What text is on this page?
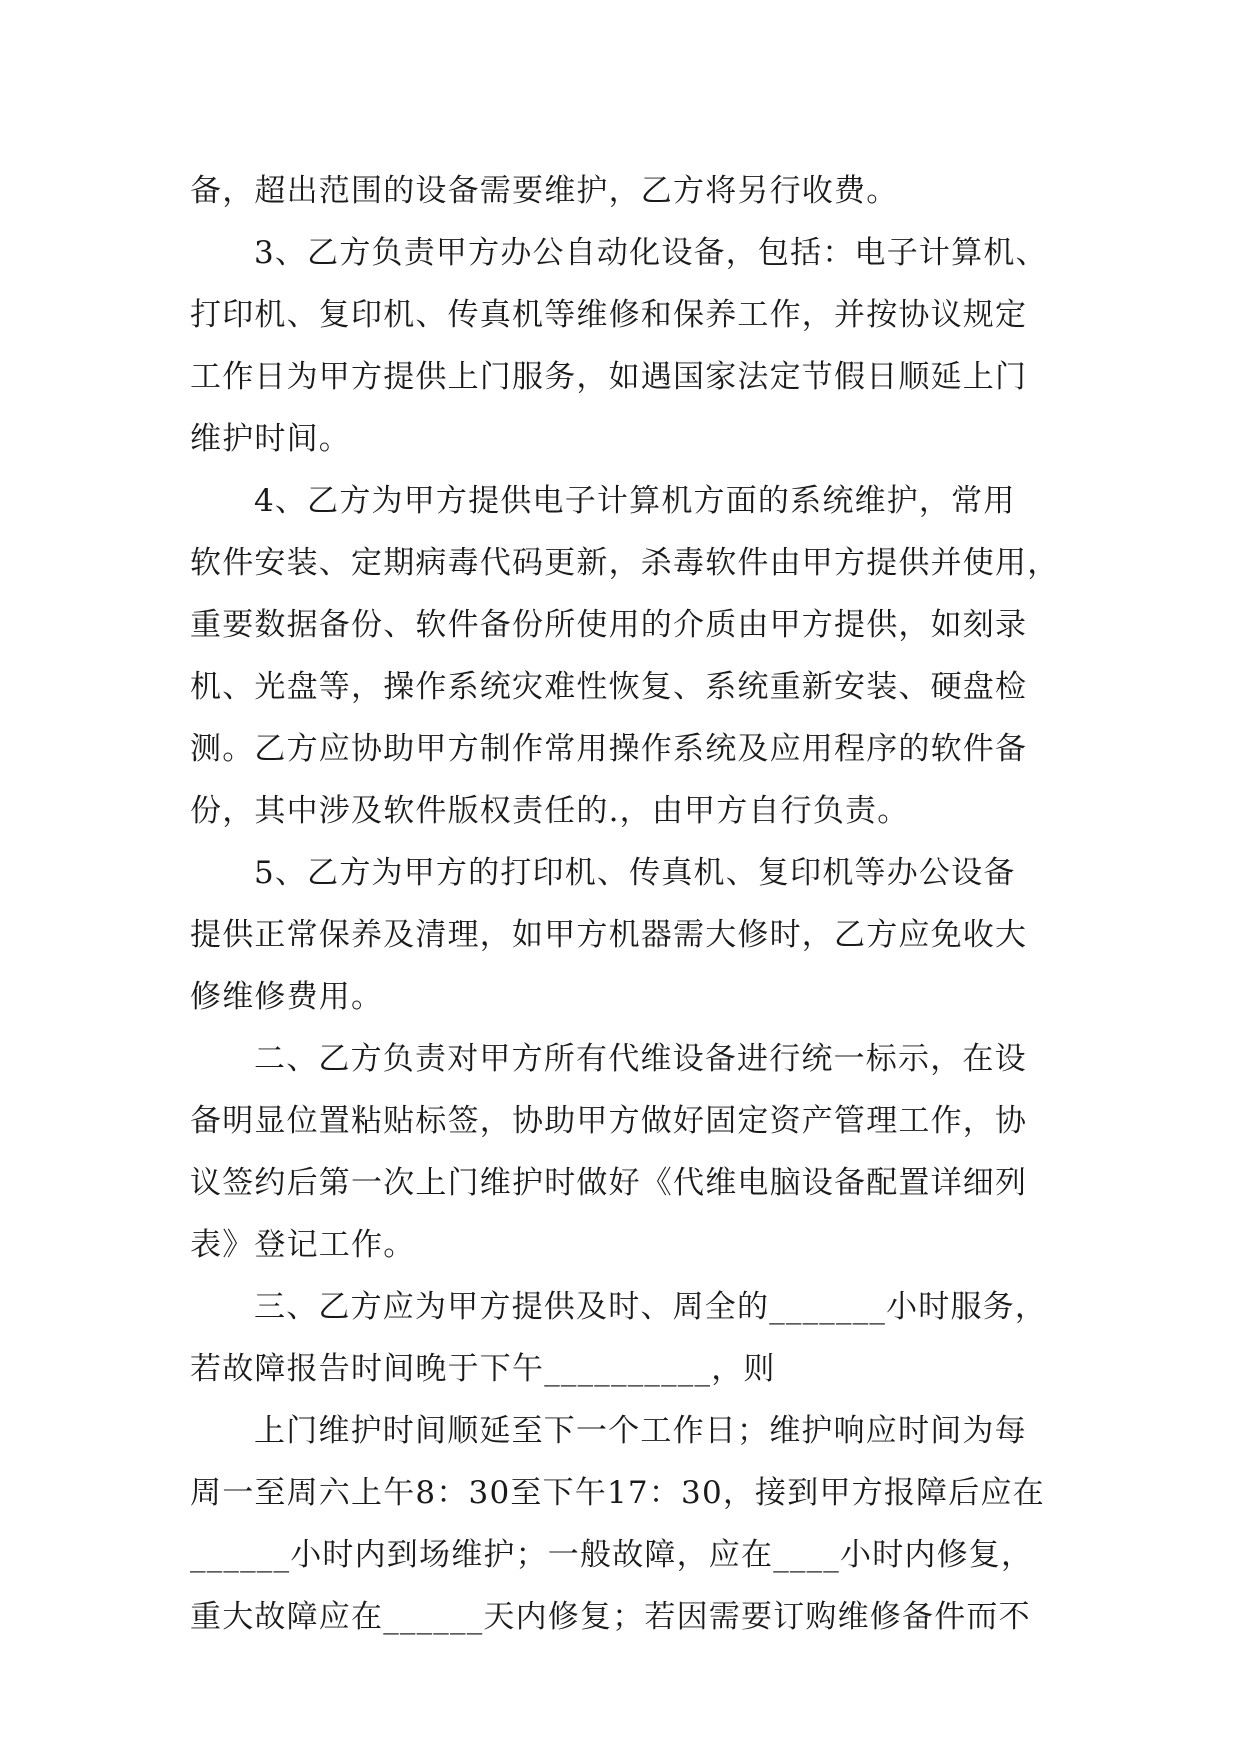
备，超出范围的设备需要维护，乙方将另行收费。
3、乙方负责甲方办公自动化设备，包括：电子计算机、
打印机、复印机、传真机等维修和保养工作，并按协议规定
工作日为甲方提供上门服务，如遇国家法定节假日顺延上门
维护时间。
4、乙方为甲方提供电子计算机方面的系统维护，常用
软件安装、定期病毒代码更新，杀毒软件由甲方提供并使用，
重要数据备份、软件备份所使用的介质由甲方提供，如刻录
机、光盘等，操作系统灾难性恢复、系统重新安装、硬盘检
测。乙方应协助甲方制作常用操作系统及应用程序的软件备
份，其中涉及软件版权责任的.，由甲方自行负责。
5、乙方为甲方的打印机、传真机、复印机等办公设备
提供正常保养及清理，如甲方机器需大修时，乙方应免收大
修维修费用。
二、乙方负责对甲方所有代维设备进行统一标示，在设
备明显位置粘贴标签，协助甲方做好固定资产管理工作，协
议签约后第一次上门维护时做好《代维电脑设备配置详细列
表》登记工作。
三、乙方应为甲方提供及时、周全的_______小时服务，
若故障报告时间晚于下午__________，则
上门维护时间顺延至下一个工作日；维护响应时间为每
周一至周六上午8：30至下午17：30，接到甲方报障后应在
______小时内到场维护；一般故障，应在____小时内修复，
重大故障应在______天内修复；若因需要订购维修备件而不
